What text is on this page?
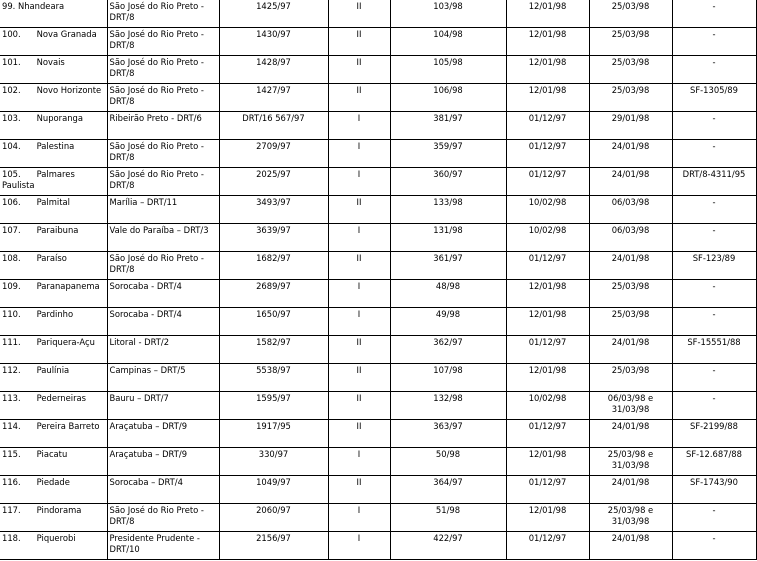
99. Nhandeara	São José do Rio Preto - DRT/8	1425/97	II	103/98	12/01/98	25/03/98	-
100.      Nova Granada	São José do Rio Preto - DRT/8	1430/97	II	104/98	12/01/98	25/03/98	-
101.      Novais	São José do Rio Preto - DRT/8	1428/97	II	105/98	12/01/98	25/03/98	-
102.      Novo Horizonte	São José do Rio Preto - DRT/8	1427/97	II	106/98	12/01/98	25/03/98	SF-1305/89
103.      Nuporanga	Ribeirão Preto - DRT/6	DRT/16 567/97	I	381/97	01/12/97	29/01/98	-
104.      Palestina	São José do Rio Preto - DRT/8	2709/97	I	359/97	01/12/97	24/01/98	-
105.      Palmares Paulista	São José do Rio Preto - DRT/8	2025/97	I	360/97	01/12/97	24/01/98	DRT/8-4311/95
106.      Palmital	Marília – DRT/11	3493/97	II	133/98	10/02/98	06/03/98	-
107.      Paraibuna	Vale do Paraíba – DRT/3	3639/97	I	131/98	10/02/98	06/03/98	-
108.      Paraíso	São José do Rio Preto - DRT/8	1682/97	II	361/97	01/12/97	24/01/98	SF-123/89
109.      Paranapanema	Sorocaba - DRT/4	2689/97	I	48/98	12/01/98	25/03/98	-
110.      Pardinho	Sorocaba - DRT/4	1650/97	I	49/98	12/01/98	25/03/98	-
111.      Pariquera-Açu	Litoral - DRT/2	1582/97	II	362/97	01/12/97	24/01/98	SF-15551/88
112.      Paulínia	Campinas – DRT/5	5538/97	II	107/98	12/01/98	25/03/98	-
113.      Pederneiras	Bauru – DRT/7	1595/97	II	132/98	10/02/98	06/03/98 e 31/03/98	-
114.      Pereira Barreto	Araçatuba – DRT/9	1917/95	II	363/97	01/12/97	24/01/98	SF-2199/88
115.      Piacatu	Araçatuba – DRT/9	330/97	I	50/98	12/01/98	25/03/98 e 31/03/98	SF-12.687/88
116.      Piedade	Sorocaba – DRT/4	1049/97	II	364/97	01/12/97	24/01/98	SF-1743/90
117.      Pindorama	São José do Rio Preto - DRT/8	2060/97	I	51/98	12/01/98	25/03/98 e 31/03/98	-
118.      Piquerobi	Presidente Prudente - DRT/10	2156/97	I	422/97	01/12/97	24/01/98	-
